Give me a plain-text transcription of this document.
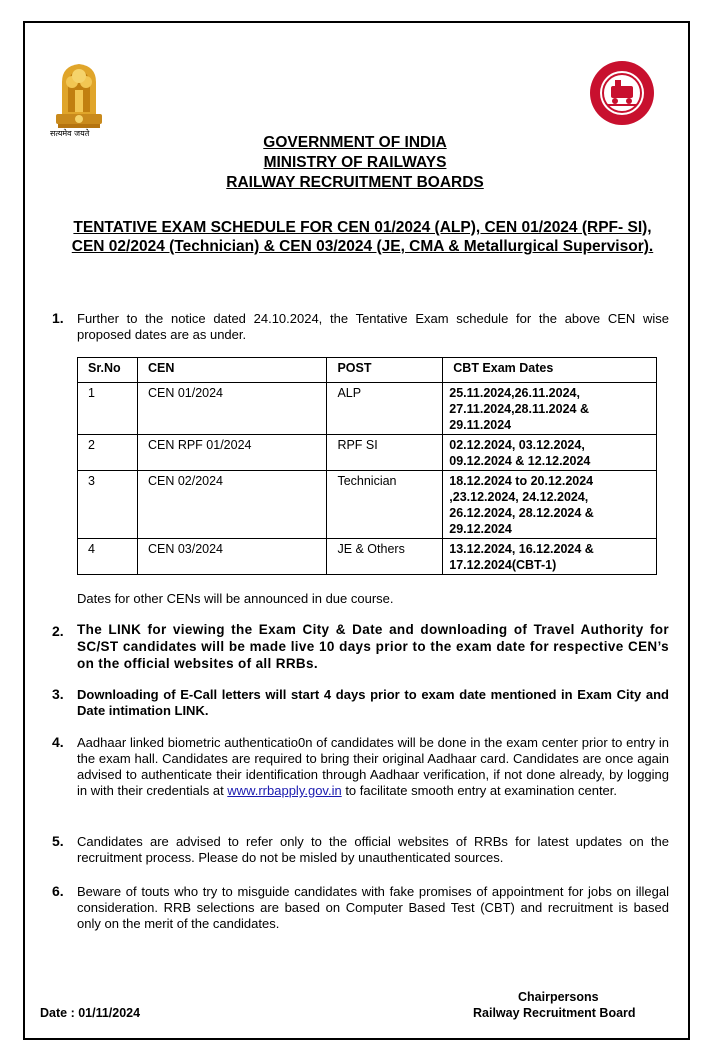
सत्यमेव जयते
GOVERNMENT OF INDIA
MINISTRY OF RAILWAYS
RAILWAY RECRUITMENT BOARDS
TENTATIVE EXAM SCHEDULE FOR CEN 01/2024 (ALP), CEN 01/2024 (RPF- SI), CEN 02/2024 (Technician) & CEN 03/2024 (JE, CMA & Metallurgical Supervisor).
1. Further to the notice dated 24.10.2024, the Tentative Exam schedule for the above CEN wise proposed dates are as under.
Sr.No	CEN	POST	CBT Exam Dates
1	CEN 01/2024	ALP	25.11.2024,26.11.2024, 27.11.2024,28.11.2024 & 29.11.2024
2	CEN RPF 01/2024	RPF SI	02.12.2024, 03.12.2024, 09.12.2024 & 12.12.2024
3	CEN 02/2024	Technician	18.12.2024 to 20.12.2024 ,23.12.2024, 24.12.2024, 26.12.2024, 28.12.2024 & 29.12.2024
4	CEN 03/2024	JE & Others	13.12.2024, 16.12.2024 & 17.12.2024(CBT-1)
Dates for other CENs will be announced in due course.
2. The LINK for viewing the Exam City & Date and downloading of Travel Authority for SC/ST candidates will be made live 10 days prior to the exam date for respective CEN’s on the official websites of all RRBs.
3. Downloading of E-Call letters will start 4 days prior to exam date mentioned in Exam City and Date intimation LINK.
4. Aadhaar linked biometric authenticatio0n of candidates will be done in the exam center prior to entry in the exam hall. Candidates are required to bring their original Aadhaar card. Candidates are once again advised to authenticate their identification through Aadhaar verification, if not done already, by logging in with their credentials at www.rrbapply.gov.in to facilitate smooth entry at examination center.
5. Candidates are advised to refer only to the official websites of RRBs for latest updates on the recruitment process. Please do not be misled by unauthenticated sources.
6. Beware of touts who try to misguide candidates with fake promises of appointment for jobs on illegal consideration. RRB selections are based on Computer Based Test (CBT) and recruitment is based only on the merit of the candidates.
Chairpersons
Date : 01/11/2024	Railway Recruitment Board
